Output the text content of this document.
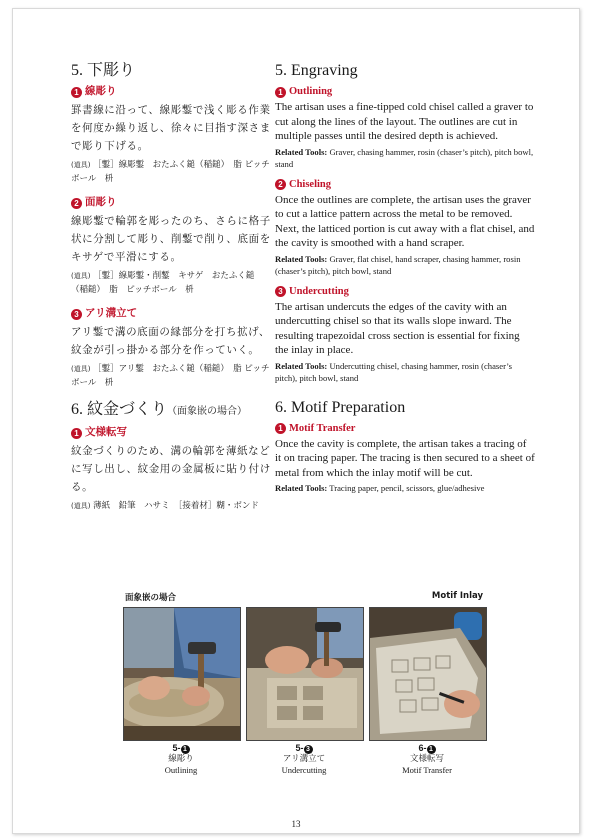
5. 下彫り
1 線彫り

罫書線に沿って、線彫鏨で浅く彫る作業を何度か繰り返し、徐々に目指す深さまで彫り下げる。

(道具) ［鏨］線彫鏨　おたふく鎚（稲鎚）　脂 ピッチボール　枡

2 面彫り

線彫鏨で輪郭を彫ったのち、さらに格子状に分割して彫り、削鏨で削り、底面をキサゲで平滑にする。

(道具) ［鏨］線彫鏨・削鏨　キサゲ　おたふく鎚（稲鎚）　脂　ピッチボール　枡

3 アリ溝立て

アリ鏨で溝の底面の縁部分を打ち拡げ、紋金が引っ掛かる部分を作っていく。

(道具) ［鏨］アリ鏨　おたふく鎚（稲鎚）　脂 ピッチボール　枡

6. 紋金づくり（面象嵌の場合）
1 文様転写

紋金づくりのため、溝の輪郭を薄紙などに写し出し、紋金用の金属板に貼り付ける。

(道具) 薄紙　鉛筆　ハサミ　［接着材］糊・ボンド

5. Engraving
1 Outlining

The artisan uses a fine-tipped cold chisel called a graver to cut along the lines of the layout. The outlines are cut in multiple passes until the desired depth is achieved.

Related Tools: Graver, chasing hammer, rosin (chaser’s pitch), pitch bowl, stand

2 Chiseling

Once the outlines are complete, the artisan uses the graver to cut a lattice pattern across the metal to be removed. Next, the latticed portion is cut away with a flat chisel, and the cavity is smoothed with a hand scraper.

Related Tools: Graver, flat chisel, hand scraper, chasing hammer, rosin (chaser’s pitch), pitch bowl, stand

3 Undercutting

The artisan undercuts the edges of the cavity with an undercutting chisel so that its walls slope inward. The resulting trapezoidal cross section is essential for fixing the inlay in place.

Related Tools: Undercutting chisel, chasing hammer, rosin (chaser’s pitch), pitch bowl, stand

6. Motif Preparation
1 Motif Transfer

Once the cavity is complete, the artisan takes a tracing of it on tracing paper. The tracing is then secured to a sheet of metal from which the inlay motif will be cut.

Related Tools: Tracing paper, pencil, scissors, glue/adhesive

面象嵌の場合	Motif Inlay
5- 1
線彫り
Outlining
5- 3
アリ溝立て
Undercutting
6- 1
文様転写
Motif Transfer
13
